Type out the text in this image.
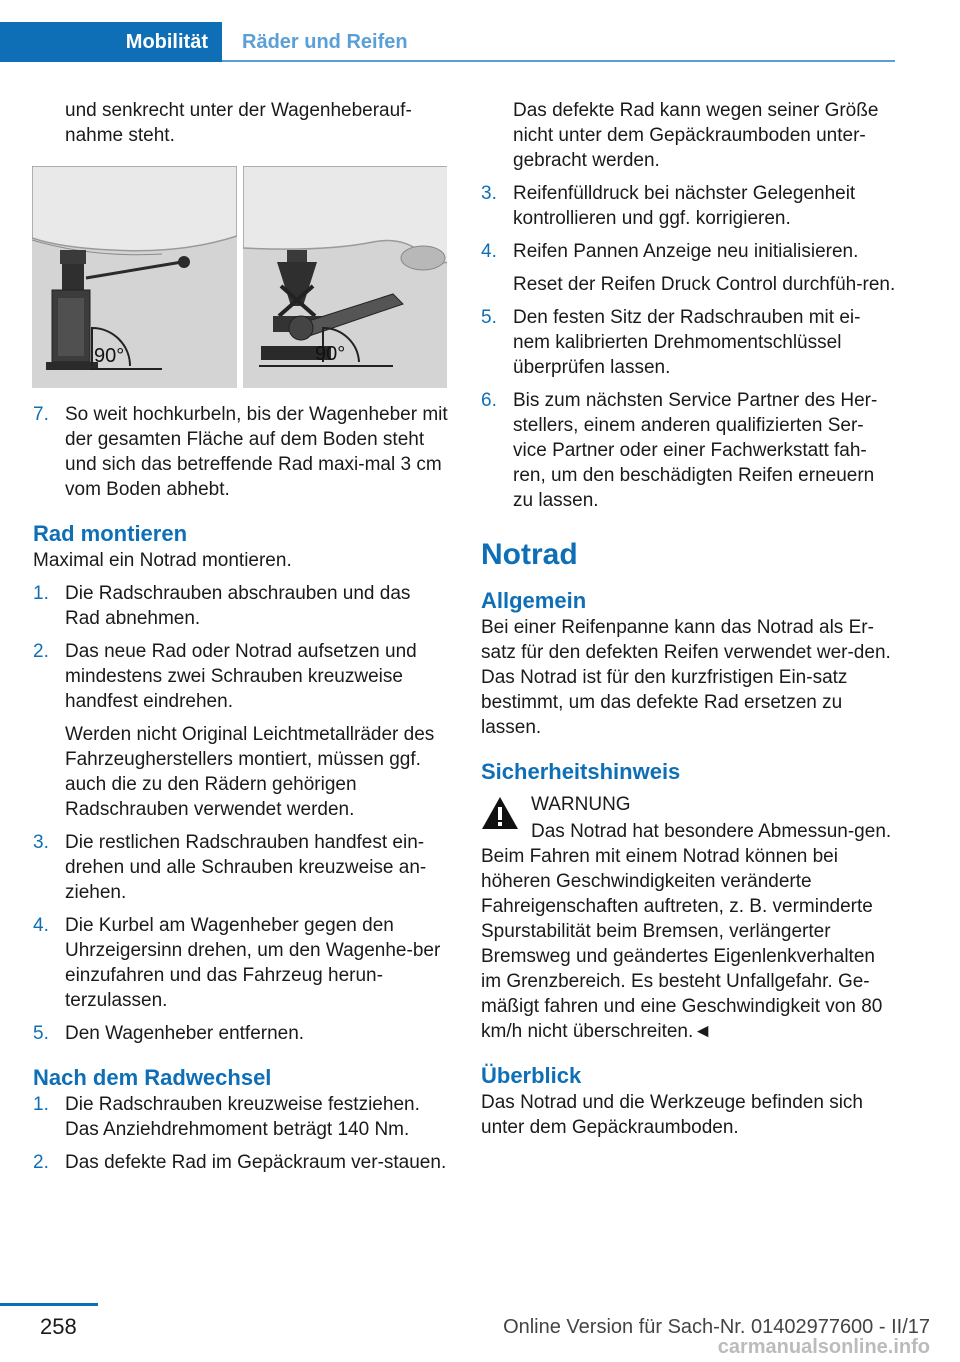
Mobilität	Räder und Reifen

und senkrecht unter der Wagenheberauf-nahme steht.

90°	90°
7. So weit hochkurbeln, bis der Wagenheber mit der gesamten Fläche auf dem Boden steht und sich das betreffende Rad maxi-mal 3 cm vom Boden abhebt.
Rad montieren

Maximal ein Notrad montieren.

1. Die Radschrauben abschrauben und das Rad abnehmen.
2. Das neue Rad oder Notrad aufsetzen und mindestens zwei Schrauben kreuzweise handfest eindrehen.
Werden nicht Original Leichtmetallräder des Fahrzeugherstellers montiert, müssen ggf. auch die zu den Rädern gehörigen Radschrauben verwendet werden.
3. Die restlichen Radschrauben handfest ein-drehen und alle Schrauben kreuzweise an-ziehen.
4. Die Kurbel am Wagenheber gegen den Uhrzeigersinn drehen, um den Wagenhe-ber einzufahren und das Fahrzeug herun-terzulassen.
5. Den Wagenheber entfernen.
Nach dem Radwechsel
1. Die Radschrauben kreuzweise festziehen. Das Anziehdrehmoment beträgt 140 Nm.
2. Das defekte Rad im Gepäckraum ver-stauen.

Das defekte Rad kann wegen seiner Größe nicht unter dem Gepäckraumboden unter-gebracht werden.

3. Reifenfülldruck bei nächster Gelegenheit kontrollieren und ggf. korrigieren.
4. Reifen Pannen Anzeige neu initialisieren.
Reset der Reifen Druck Control durchfüh-ren.
5. Den festen Sitz der Radschrauben mit ei-nem kalibrierten Drehmomentschlüssel überprüfen lassen.
6. Bis zum nächsten Service Partner des Her-stellers, einem anderen qualifizierten Ser-vice Partner oder einer Fachwerkstatt fah-ren, um den beschädigten Reifen erneuern zu lassen.
Notrad
Allgemein

Bei einer Reifenpanne kann das Notrad als Er-satz für den defekten Reifen verwendet wer-den. Das Notrad ist für den kurzfristigen Ein-satz bestimmt, um das defekte Rad ersetzen zu lassen.

Sicherheitshinweis
WARNUNG

Das Notrad hat besondere Abmessun-gen. Beim Fahren mit einem Notrad können bei höheren Geschwindigkeiten veränderte Fahreigenschaften auftreten, z. B. verminderte Spurstabilität beim Bremsen, verlängerter Bremsweg und geändertes Eigenlenkverhalten im Grenzbereich. Es besteht Unfallgefahr. Ge-mäßigt fahren und eine Geschwindigkeit von 80 km/h nicht überschreiten.◄

Überblick

Das Notrad und die Werkzeuge befinden sich unter dem Gepäckraumboden.

258	Online Version für Sach-Nr. 01402977600 - II/17
carmanualsonline.info
